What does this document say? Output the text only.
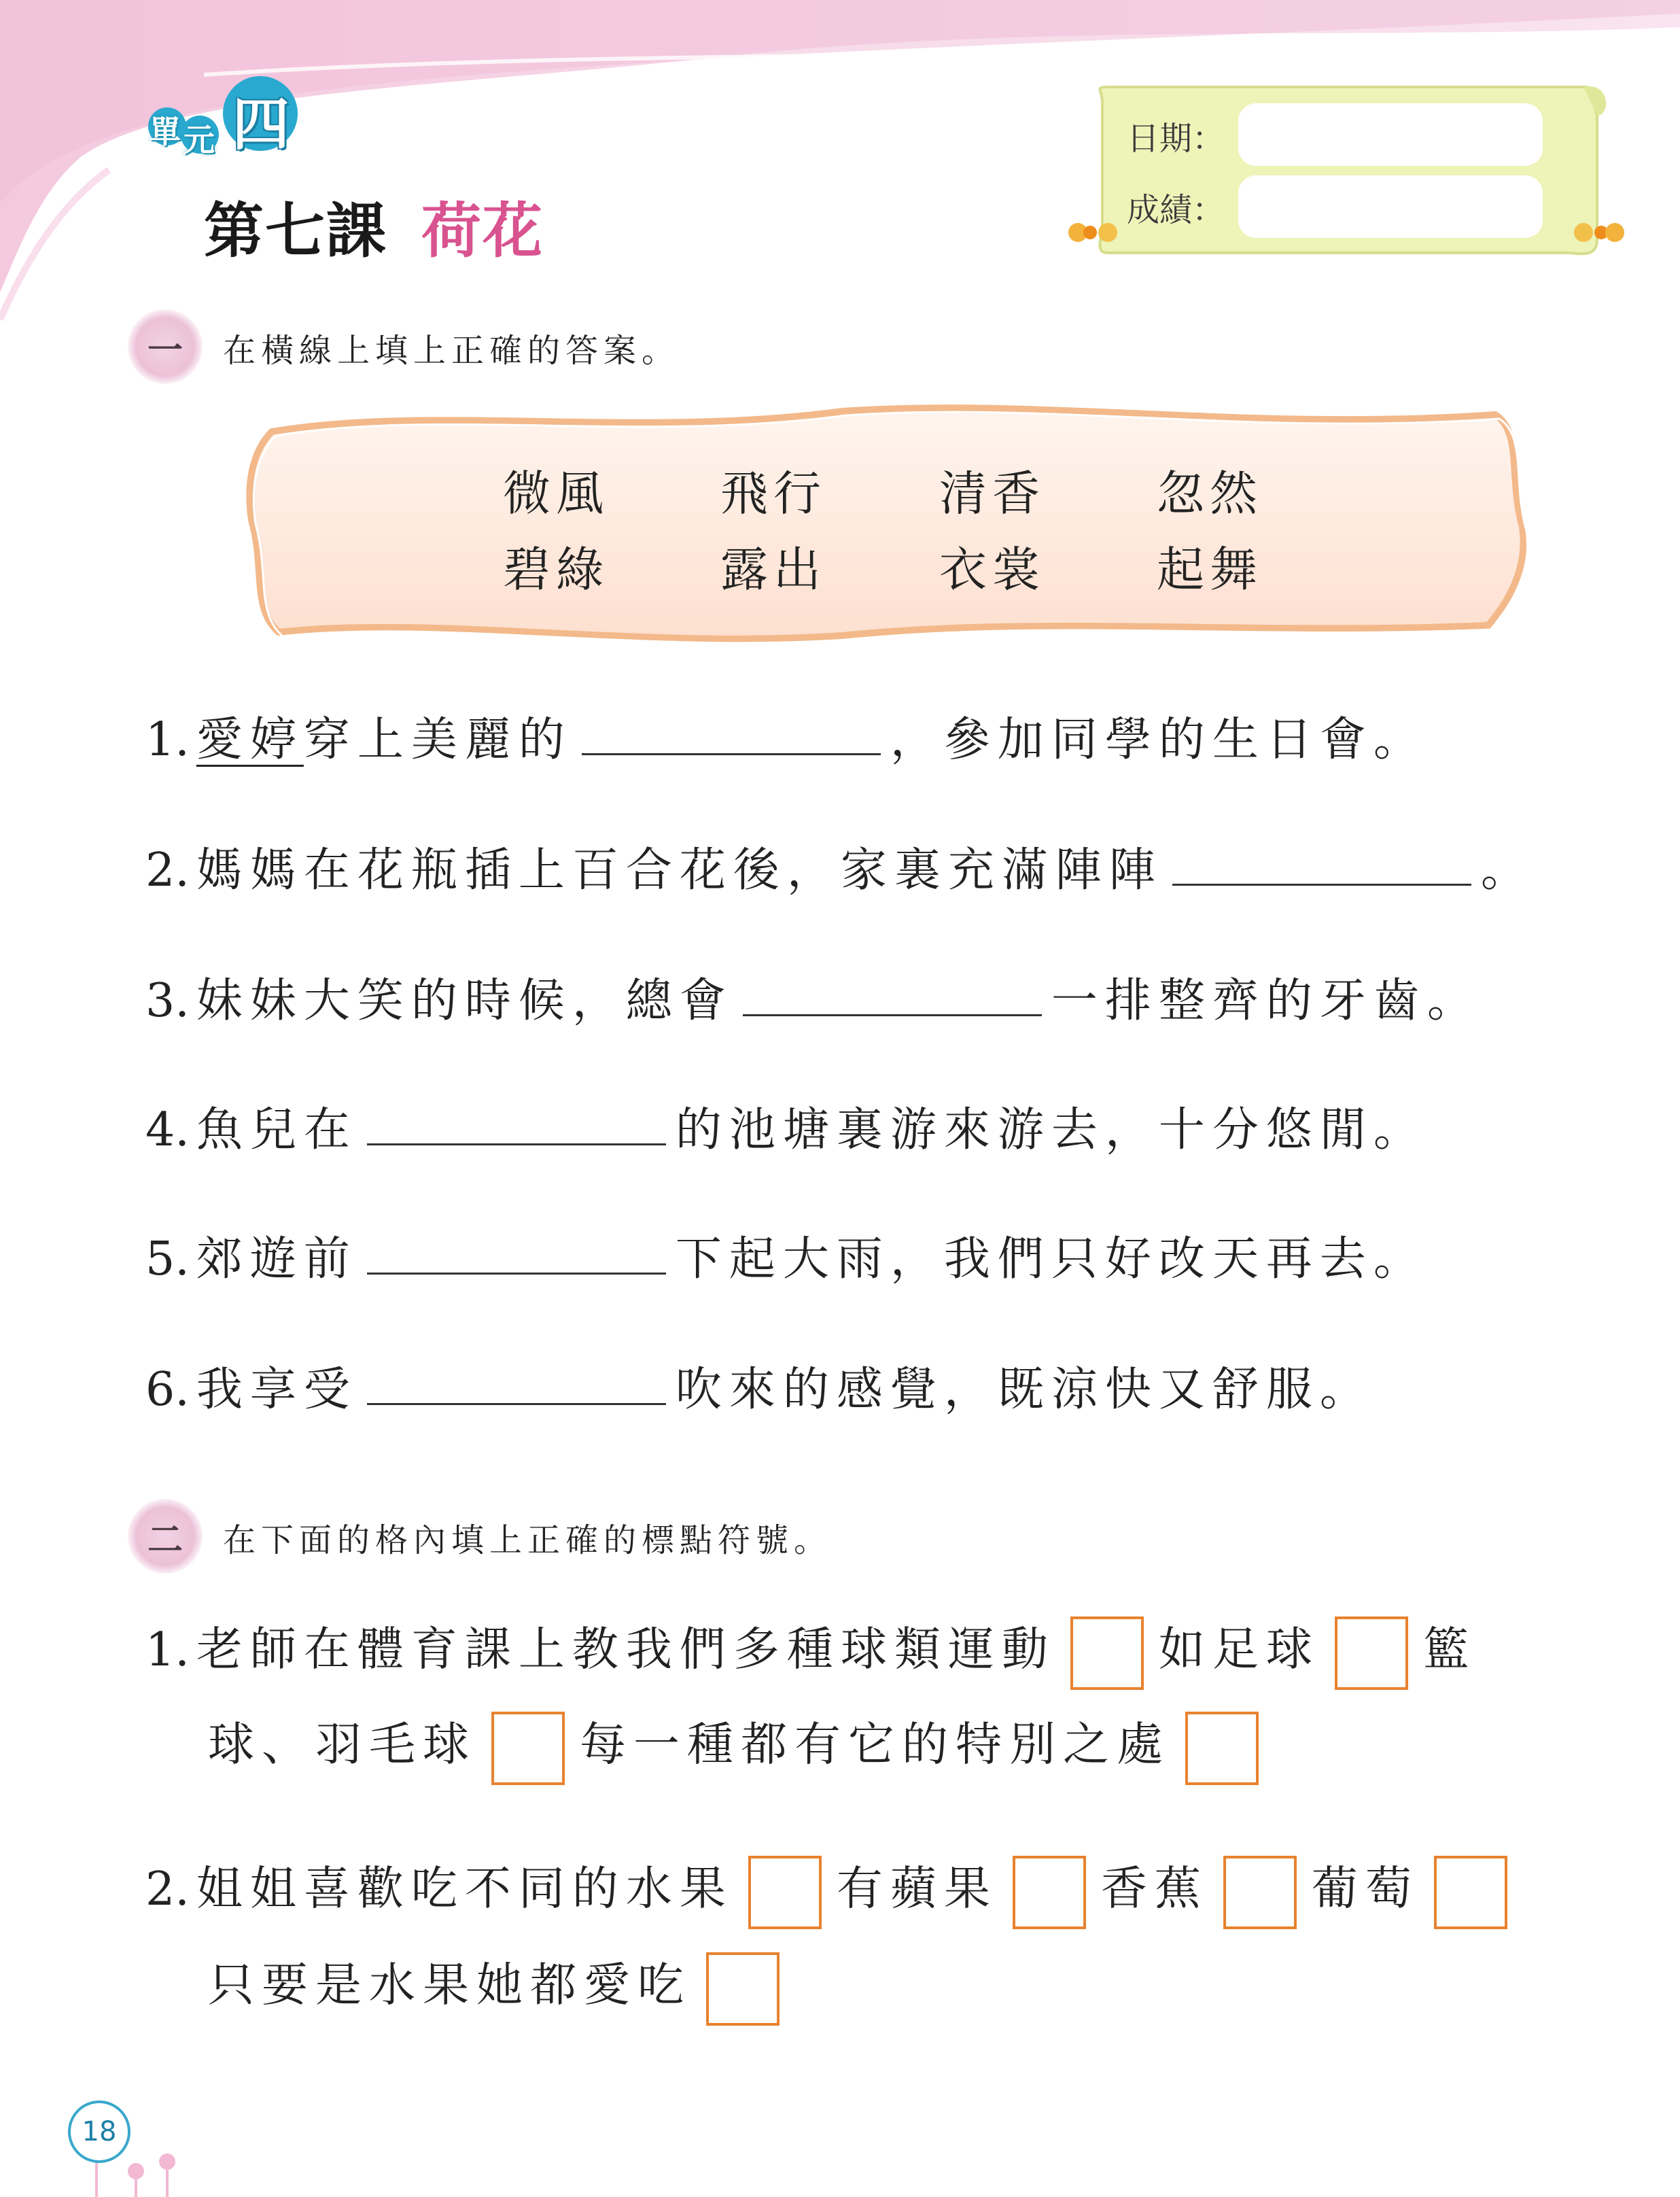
單 元 四
第七課 荷花
日期：
成績：
一	在橫線上填上正確的答案。
微風 飛行 清香 忽然
碧綠 露出 衣裳 起舞
1. 愛婷穿上美麗的	，參加同學的生日會。
2. 媽媽在花瓶插上百合花後，家裏充滿陣陣	。
3. 妹妹大笑的時候，總會	一排整齊的牙齒。
4. 魚兒在	的池塘裏游來游去，十分悠閒。
5. 郊遊前	下起大雨，我們只好改天再去。
6. 我享受	吹來的感覺，既涼快又舒服。
二	在下面的格內填上正確的標點符號。
1. 老師在體育課上教我們多種球類運動 如足球 籃
球、羽毛球 每一種都有它的特別之處
2. 姐姐喜歡吃不同的水果 有蘋果 香蕉 葡萄
只要是水果她都愛吃
18
